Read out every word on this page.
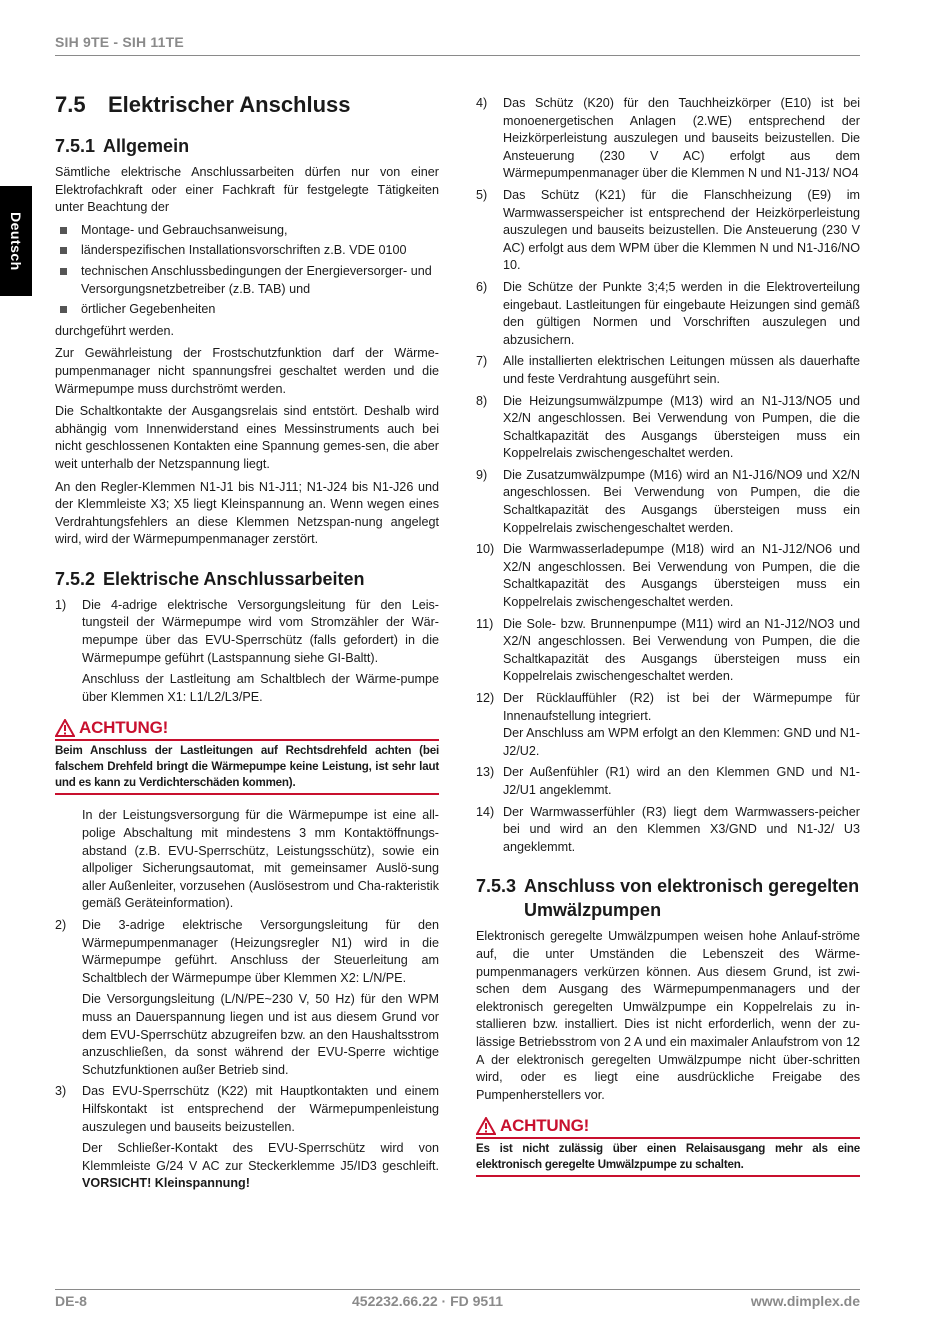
SIH 9TE - SIH 11TE
Deutsch
7.5	Elektrischer Anschluss
7.5.1 Allgemein

Sämtliche elektrische Anschlussarbeiten dürfen nur von einer Elektrofachkraft oder einer Fachkraft für festgelegte Tätigkeiten unter Beachtung der

Montage- und Gebrauchsanweisung,
länderspezifischen Installationsvorschriften z.B. VDE 0100
technischen Anschlussbedingungen der Energieversorger- und Versorgungsnetzbetreiber (z.B. TAB) und
örtlicher Gegebenheiten

durchgeführt werden.

Zur Gewährleistung der Frostschutzfunktion darf der Wärme-pumpenmanager nicht spannungsfrei geschaltet werden und die Wärmepumpe muss durchströmt werden.

Die Schaltkontakte der Ausgangsrelais sind entstört. Deshalb wird abhängig vom Innenwiderstand eines Messinstruments auch bei nicht geschlossenen Kontakten eine Spannung gemes-sen, die aber weit unterhalb der Netzspannung liegt.

An den Regler-Klemmen N1-J1 bis N1-J11; N1-J24 bis N1-J26 und der Klemmleiste X3; X5 liegt Kleinspannung an. Wenn wegen eines Verdrahtungsfehlers an diese Klemmen Netzspan-nung angelegt wird, wird der Wärmepumpenmanager zerstört.

7.5.2 Elektrische Anschlussarbeiten
1) Die 4-adrige elektrische Versorgungsleitung für den Leis-tungsteil der Wärmepumpe wird vom Stromzähler der Wär-mepumpe über das EVU-Sperrschütz (falls gefordert) in die Wärmepumpe geführt (Lastspannung siehe GI-Baltt).
Anschluss der Lastleitung am Schaltblech der Wärme-pumpe über Klemmen X1: L1/L2/L3/PE.
ACHTUNG!
Beim Anschluss der Lastleitungen auf Rechtsdrehfeld achten (bei falschem Drehfeld bringt die Wärmepumpe keine Leistung, ist sehr laut und es kann zu Verdichterschäden kommen).
In der Leistungsversorgung für die Wärmepumpe ist eine all-polige Abschaltung mit mindestens 3 mm Kontaktöffnungs-abstand (z.B. EVU-Sperrschütz, Leistungsschütz), sowie ein allpoliger Sicherungsautomat, mit gemeinsamer Auslö-sung aller Außenleiter, vorzusehen (Auslösestrom und Cha-rakteristik gemäß Geräteinformation).
2) Die 3-adrige elektrische Versorgungsleitung für den Wärmepumpenmanager (Heizungsregler N1) wird in die Wärmepumpe geführt. Anschluss der Steuerleitung am Schaltblech der Wärmepumpe über Klemmen X2: L/N/PE.
Die Versorgungsleitung (L/N/PE~230 V, 50 Hz) für den WPM muss an Dauerspannung liegen und ist aus diesem Grund vor dem EVU-Sperrschütz abzugreifen bzw. an den Haushaltsstrom anzuschließen, da sonst während der EVU-Sperre wichtige Schutzfunktionen außer Betrieb sind.
3) Das EVU-Sperrschütz (K22) mit Hauptkontakten und einem Hilfskontakt ist entsprechend der Wärmepumpenleistung auszulegen und bauseits beizustellen.
Der Schließer-Kontakt des EVU-Sperrschütz wird von Klemmleiste G/24 V AC zur Steckerklemme J5/ID3 geschleift. VORSICHT! Kleinspannung!
4) Das Schütz (K20) für den Tauchheizkörper (E10) ist bei monoenergetischen Anlagen (2.WE) entsprechend der Heizkörperleistung auszulegen und bauseits beizustellen. Die Ansteuerung (230 V AC) erfolgt aus dem Wärmepumpenmanager über die Klemmen N und N1-J13/ NO4
5) Das Schütz (K21) für die Flanschheizung (E9) im Warmwasserspeicher ist entsprechend der Heizkörperleistung auszulegen und bauseits beizustellen. Die Ansteuerung (230 V AC) erfolgt aus dem WPM über die Klemmen N und N1-J16/NO 10.
6) Die Schütze der Punkte 3;4;5 werden in die Elektroverteilung eingebaut. Lastleitungen für eingebaute Heizungen sind gemäß den gültigen Normen und Vorschriften auszulegen und abzusichern.
7) Alle installierten elektrischen Leitungen müssen als dauerhafte und feste Verdrahtung ausgeführt sein.
8) Die Heizungsumwälzpumpe (M13) wird an N1-J13/NO5 und X2/N angeschlossen. Bei Verwendung von Pumpen, die die Schaltkapazität des Ausgangs übersteigen muss ein Koppelrelais zwischengeschaltet werden.
9) Die Zusatzumwälzpumpe (M16) wird an N1-J16/NO9 und X2/N angeschlossen. Bei Verwendung von Pumpen, die die Schaltkapazität des Ausgangs übersteigen muss ein Koppelrelais zwischengeschaltet werden.
10) Die Warmwasserladepumpe (M18) wird an N1-J12/NO6 und X2/N angeschlossen. Bei Verwendung von Pumpen, die die Schaltkapazität des Ausgangs übersteigen muss ein Koppelrelais zwischengeschaltet werden.
11) Die Sole- bzw. Brunnenpumpe (M11) wird an N1-J12/NO3 und X2/N angeschlossen. Bei Verwendung von Pumpen, die die Schaltkapazität des Ausgangs übersteigen muss ein Koppelrelais zwischengeschaltet werden.
12) Der Rücklauffühler (R2) ist bei der Wärmepumpe für Innenaufstellung integriert.
Der Anschluss am WPM erfolgt an den Klemmen: GND und N1-J2/U2.
13) Der Außenfühler (R1) wird an den Klemmen GND und N1-J2/U1 angeklemmt.
14) Der Warmwasserfühler (R3) liegt dem Warmwassers-peicher bei und wird an den Klemmen X3/GND und N1-J2/ U3 angeklemmt.
7.5.3 Anschluss von elektronisch geregelten Umwälzpumpen

Elektronisch geregelte Umwälzpumpen weisen hohe Anlauf-ströme auf, die unter Umständen die Lebenszeit des Wärme-pumpenmanagers verkürzen können. Aus diesem Grund, ist zwi-schen dem Ausgang des Wärmepumpenmanagers und der elektronisch geregelten Umwälzpumpe ein Koppelrelais zu in-stallieren bzw. installiert. Dies ist nicht erforderlich, wenn der zu-lässige Betriebsstrom von 2 A und ein maximaler Anlaufstrom von 12 A der elektronisch geregelten Umwälzpumpe nicht über-schritten wird, oder es liegt eine ausdrückliche Freigabe des Pumpenherstellers vor.

ACHTUNG!
Es ist nicht zulässig über einen Relaisausgang mehr als eine elektronisch geregelte Umwälzpumpe zu schalten.
DE-8	452232.66.22 · FD 9511	www.dimplex.de
